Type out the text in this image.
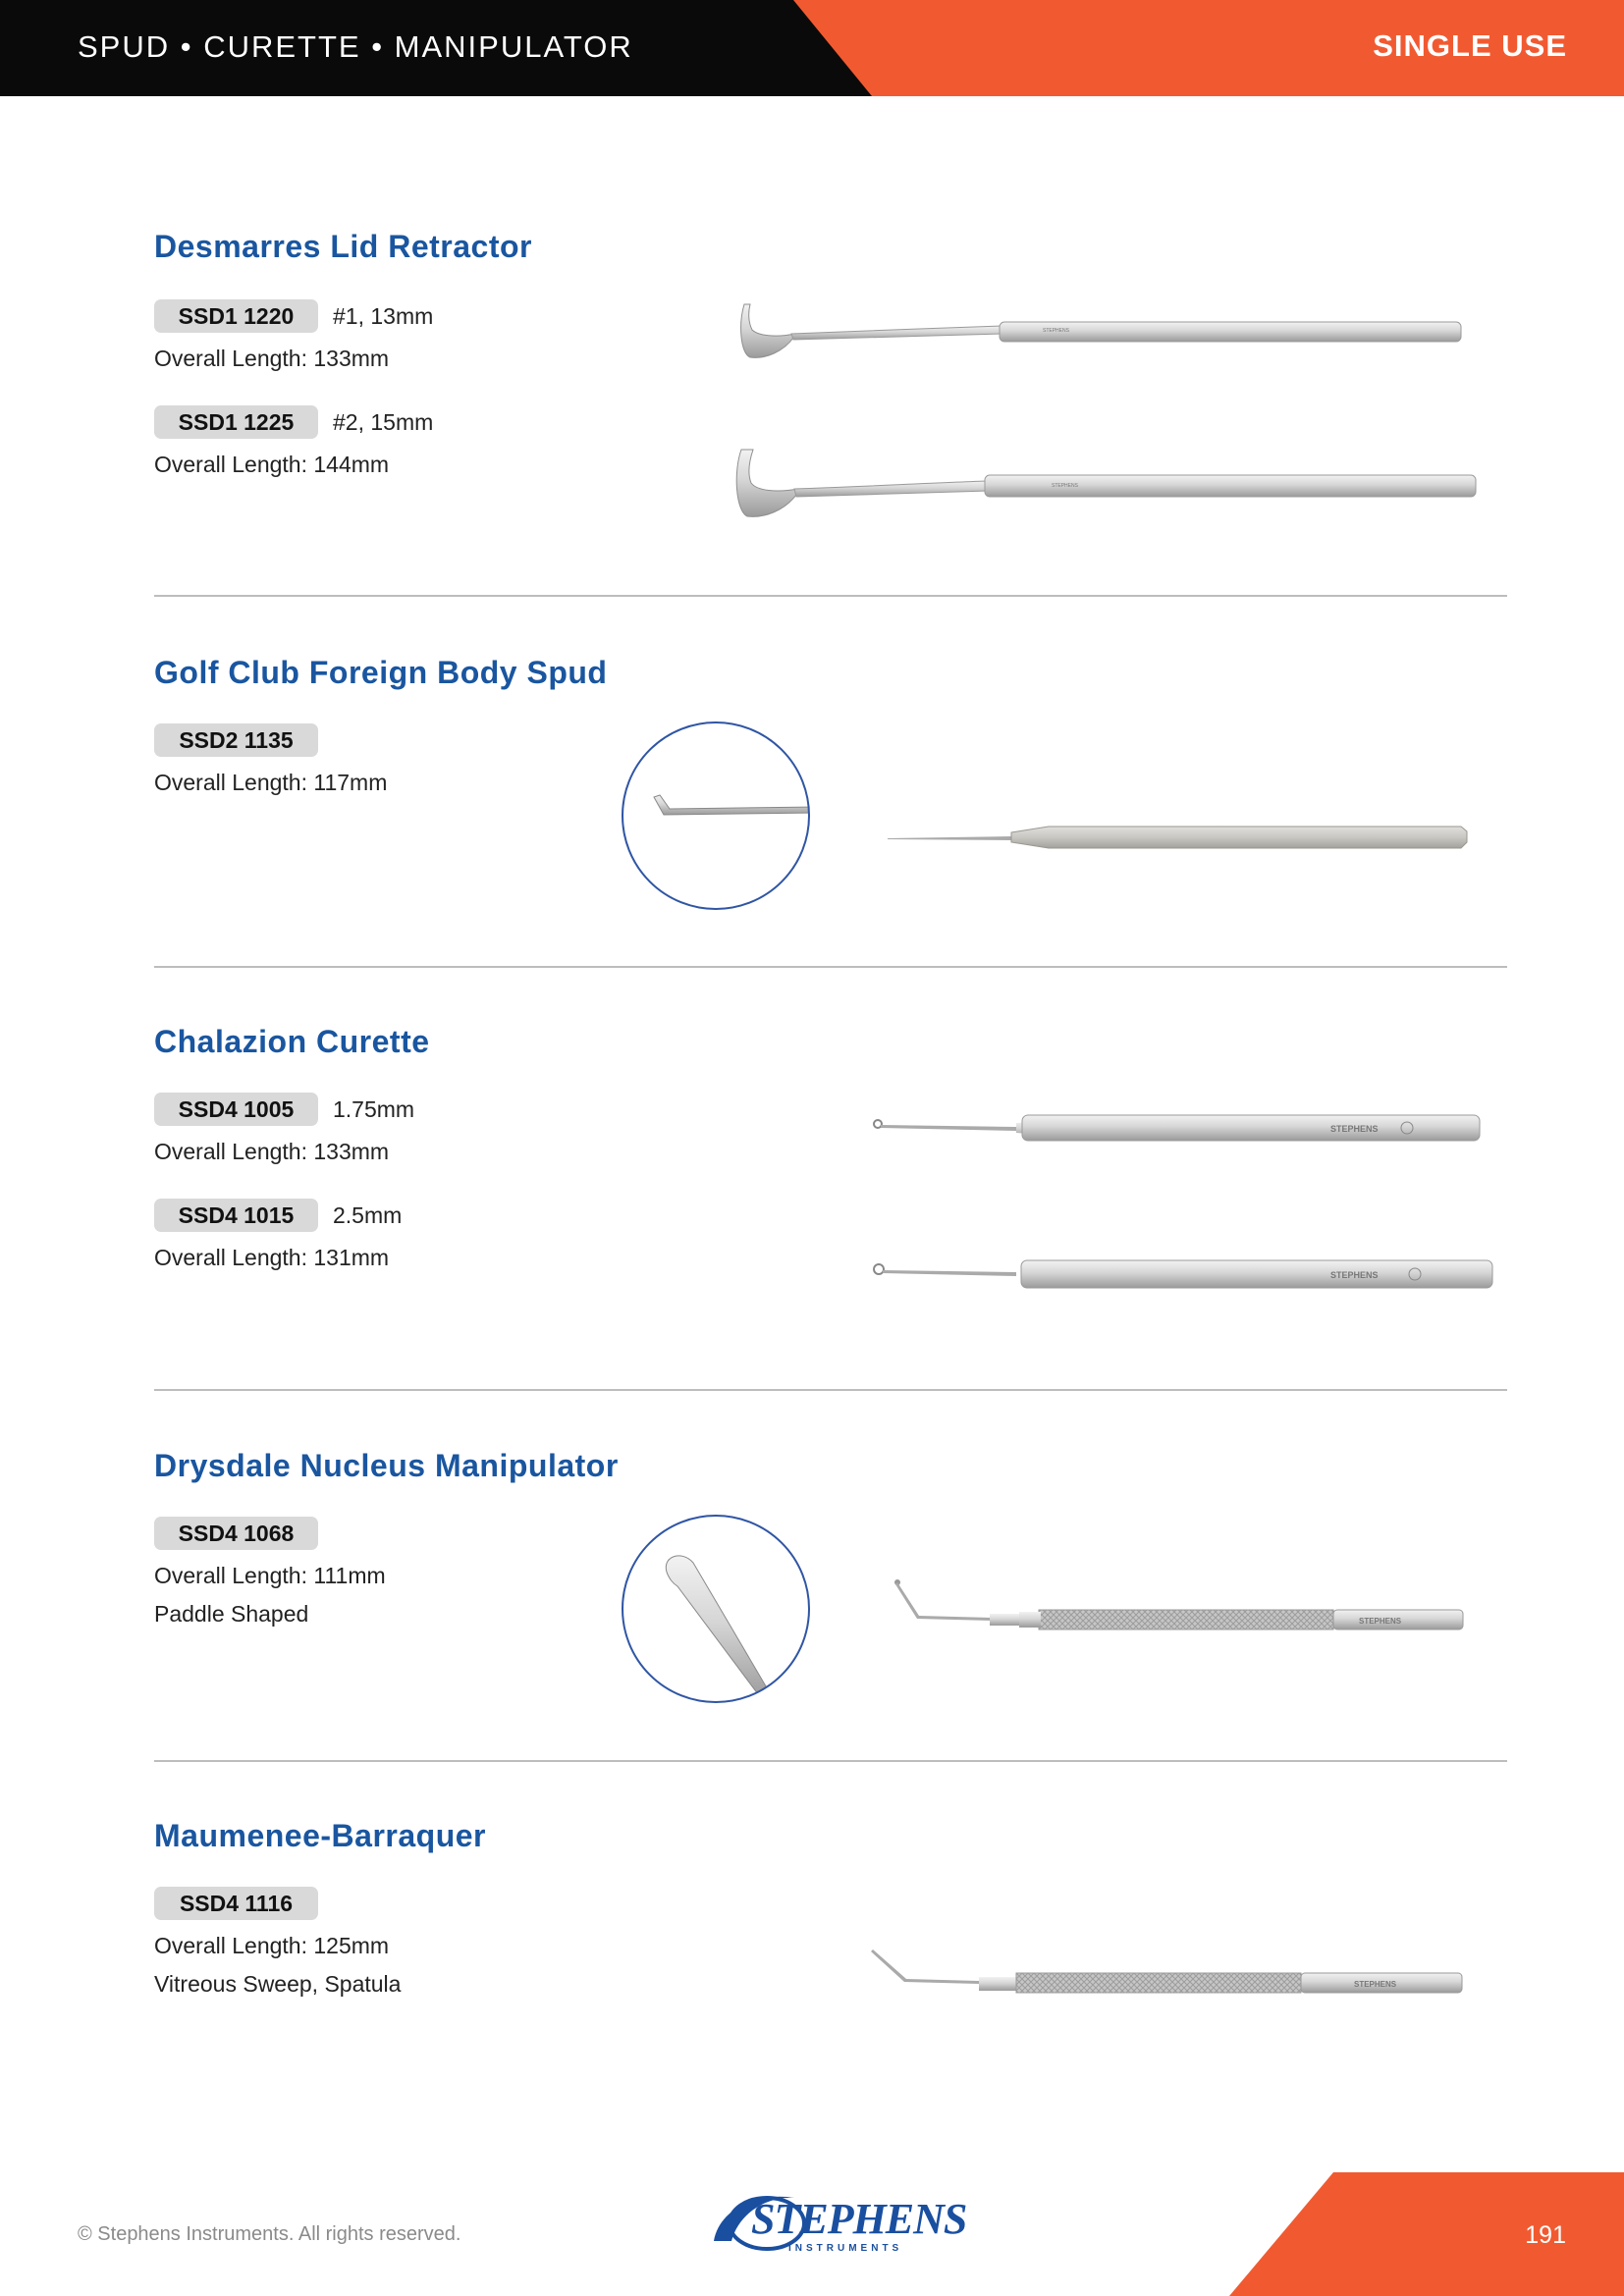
SPUD • CURETTE • MANIPULATOR	SINGLE USE
Desmarres Lid Retractor
SSD1 1220	#1, 13mm
Overall Length: 133mm
SSD1 1225	#2, 15mm
Overall Length: 144mm
STEPHENS
STEPHENS
Golf Club Foreign Body Spud
SSD2 1135
Overall Length: 117mm
Chalazion Curette
SSD4 1005	1.75mm
Overall Length: 133mm
SSD4 1015	2.5mm
Overall Length: 131mm
STEPHENS
STEPHENS
Drysdale Nucleus Manipulator
SSD4 1068
Overall Length: 111mm
Paddle Shaped	STEPHENS
Maumenee-Barraquer
SSD4 1116
Overall Length: 125mm
Vitreous Sweep, Spatula	STEPHENS
© Stephens Instruments. All rights reserved.	STEPHENS
INSTRUMENTS	191
